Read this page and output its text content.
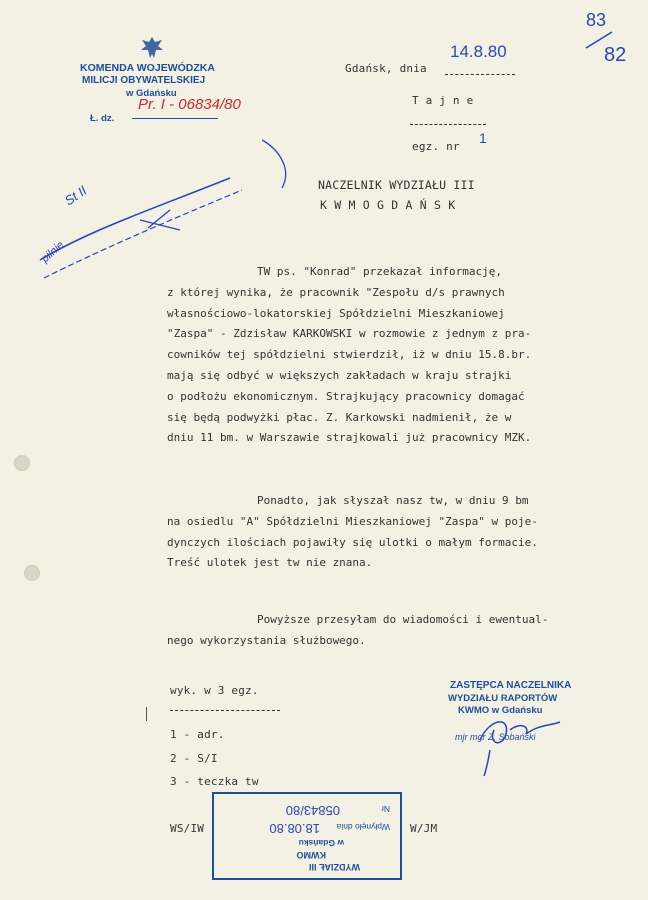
KOMENDA WOJEWÓDZKA
MILICJI OBYWATELSKIEJ
w Gdańsku
Ł. dz.
Pr. I - 06834/80
83
82
Gdańsk, dnia
14.8.80
T a j n e
egz. nr
1
NACZELNIK WYDZIAŁU III
K W M O G D A Ń S K
St II
pilnie
TW ps. "Konrad" przekazał informację,
z której wynika, że pracownik "Zespołu d/s prawnych
własnościowo-lokatorskiej Spółdzielni Mieszkaniowej
"Zaspa" - Zdzisław KARKOWSKI w rozmowie z jednym z pra-
cowników tej spółdzielni stwierdził, iż w dniu 15.8.br.
mają się odbyć w większych zakładach w kraju strajki
o podłożu ekonomicznym. Strajkujący pracownicy domagać
się będą podwyżki płac. Z. Karkowski nadmienił, że w
dniu 11 bm. w Warszawie strajkowali już pracownicy MZK.
Ponadto, jak słyszał nasz tw, w dniu 9 bm
na osiedlu "A" Spółdzielni Mieszkaniowej "Zaspa" w poje-
dynczych ilościach pojawiły się ulotki o małym formacie.
Treść ulotek jest tw nie znana.
Powyższe przesyłam do wiadomości i ewentual-
nego wykorzystania służbowego.
wyk. w 3 egz.
1 - adr.
2 - S/I
3 - teczka tw
ZASTĘPCA NACZELNIKA
WYDZIAŁU RAPORTÓW
KWMO w Gdańsku
mjr mgr Z. Sobański
WS/IW	W/JM
WYDZIAŁ III
KWMO
w Gdańsku
Wpłynęło dnia
18.08.80
Nr
05843/80
